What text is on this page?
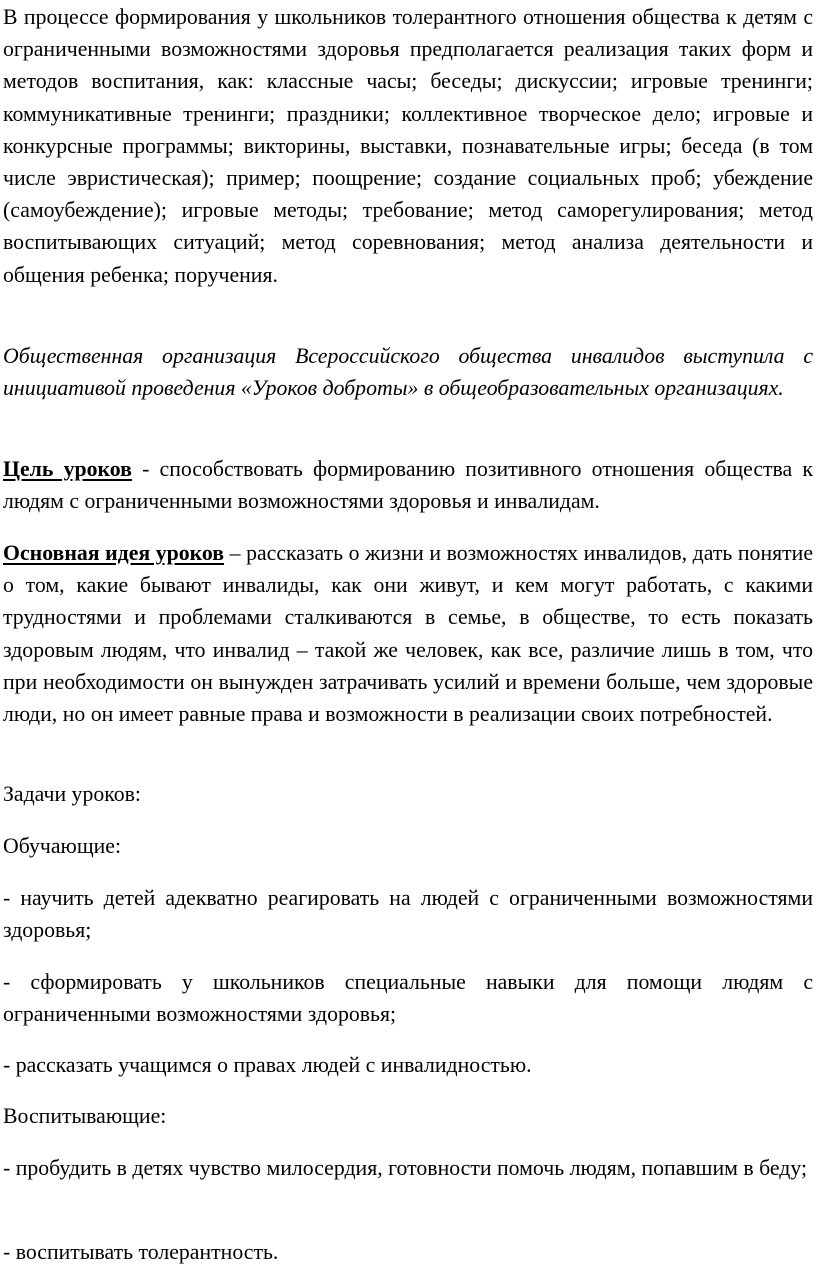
В процессе формирования у школьников толерантного отношения общества к детям с ограниченными возможностями здоровья предполагается реализация таких форм и методов воспитания, как: классные часы; беседы; дискуссии; игровые тренинги; коммуникативные тренинги; праздники; коллективное творческое дело; игровые и конкурсные программы; викторины, выставки, познавательные игры; беседа (в том числе эвристическая); пример; поощрение; создание социальных проб; убеждение (самоубеждение); игровые методы; требование; метод саморегулирования; метод воспитывающих ситуаций; метод соревнования; метод анализа деятельности и общения ребенка; поручения.

Общественная организация Всероссийского общества инвалидов выступила с инициативой проведения «Уроков доброты» в общеобразовательных организациях.

Цель уроков - способствовать формированию позитивного отношения общества к людям с ограниченными возможностями здоровья и инвалидам.

Основная идея уроков – рассказать о жизни и возможностях инвалидов, дать понятие о том, какие бывают инвалиды, как они живут, и кем могут работать, с какими трудностями и проблемами сталкиваются в семье, в обществе, то есть показать здоровым людям, что инвалид – такой же человек, как все, различие лишь в том, что при необходимости он вынужден затрачивать усилий и времени больше, чем здоровые люди, но он имеет равные права и возможности в реализации своих потребностей.

Задачи уроков:

Обучающие:

- научить детей адекватно реагировать на людей с ограниченными возможностями здоровья;

- сформировать у школьников специальные навыки для помощи людям с ограниченными возможностями здоровья;

- рассказать учащимся о правах людей с инвалидностью.

Воспитывающие:

- пробудить в детях чувство милосердия, готовности помочь людям, попавшим в беду;

- воспитывать толерантность.
